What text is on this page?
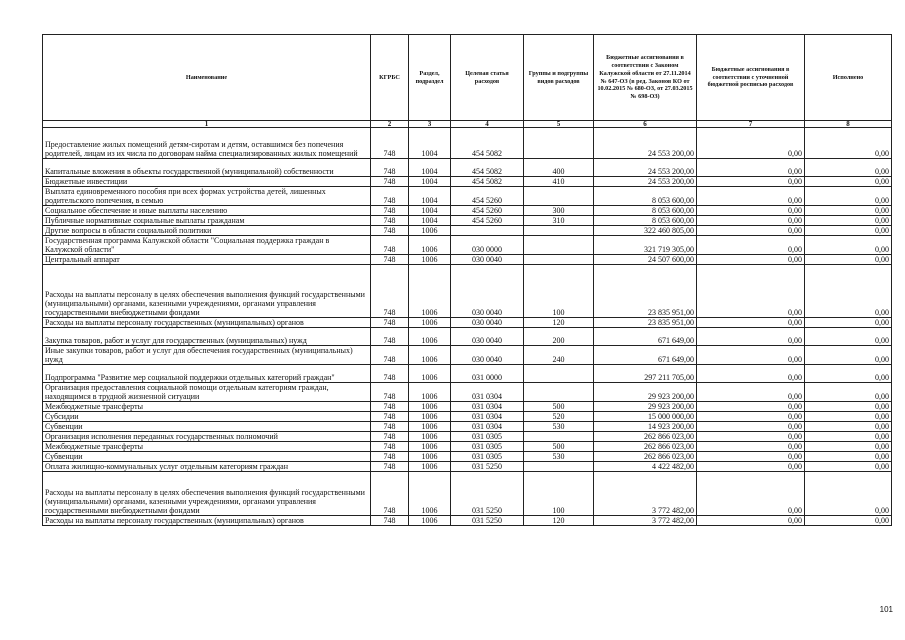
Наименование	КГРБС	Раздел, подраздел	Целевая статья расходов	Группы и подгруппы видов расходов	Бюджетные ассигнования в соответствии с Законом Калужской области от 27.11.2014 № 647-ОЗ (в ред. Законов КО от 10.02.2015 № 680-ОЗ, от 27.03.2015 № 698-ОЗ)	Бюджетные ассигнования в соответствии с уточненной бюджетной росписью расходов	Исполнено
1	2	3	4	5	6	7	8
Предоставление жилых помещений детям-сиротам и детям, оставшимся без попечения родителей, лицам из их числа по договорам найма специализированных жилых помещений	748	1004	454 5082		24 553 200,00	0,00	0,00
Капитальные вложения в объекты государственной (муниципальной) собственности	748	1004	454 5082	400	24 553 200,00	0,00	0,00
Бюджетные инвестиции	748	1004	454 5082	410	24 553 200,00	0,00	0,00
Выплата единовременного пособия при всех формах устройства детей, лишенных родительского попечения, в семью	748	1004	454 5260		8 053 600,00	0,00	0,00
Социальное обеспечение и иные выплаты населению	748	1004	454 5260	300	8 053 600,00	0,00	0,00
Публичные нормативные социальные выплаты гражданам	748	1004	454 5260	310	8 053 600,00	0,00	0,00
Другие вопросы в области социальной политики	748	1006			322 460 805,00	0,00	0,00
Государственная программа Калужской области "Социальная поддержка граждан в Калужской области"	748	1006	030 0000		321 719 305,00	0,00	0,00
Центральный аппарат	748	1006	030 0040		24 507 600,00	0,00	0,00
Расходы на выплаты персоналу в целях обеспечения выполнения функций государственными (муниципальными) органами, казенными учреждениями, органами управления государственными внебюджетными фондами	748	1006	030 0040	100	23 835 951,00	0,00	0,00
Расходы на выплаты персоналу государственных (муниципальных) органов	748	1006	030 0040	120	23 835 951,00	0,00	0,00
Закупка товаров, работ и услуг для государственных (муниципальных) нужд	748	1006	030 0040	200	671 649,00	0,00	0,00
Иные закупки товаров, работ и услуг для обеспечения государственных (муниципальных) нужд	748	1006	030 0040	240	671 649,00	0,00	0,00
Подпрограмма "Развитие мер социальной поддержки отдельных категорий граждан"	748	1006	031 0000		297 211 705,00	0,00	0,00
Организация предоставления социальной помощи отдельным категориям граждан, находящимся в трудной жизненной ситуации	748	1006	031 0304		29 923 200,00	0,00	0,00
Межбюджетные трансферты	748	1006	031 0304	500	29 923 200,00	0,00	0,00
Субсидии	748	1006	031 0304	520	15 000 000,00	0,00	0,00
Субвенции	748	1006	031 0304	530	14 923 200,00	0,00	0,00
Организация исполнения переданных государственных полномочий	748	1006	031 0305		262 866 023,00	0,00	0,00
Межбюджетные трансферты	748	1006	031 0305	500	262 866 023,00	0,00	0,00
Субвенции	748	1006	031 0305	530	262 866 023,00	0,00	0,00
Оплата жилищно-коммунальных услуг отдельным категориям граждан	748	1006	031 5250		4 422 482,00	0,00	0,00
Расходы на выплаты персоналу в целях обеспечения выполнения функций государственными (муниципальными) органами, казенными учреждениями, органами управления государственными внебюджетными фондами	748	1006	031 5250	100	3 772 482,00	0,00	0,00
Расходы на выплаты персоналу государственных (муниципальных) органов	748	1006	031 5250	120	3 772 482,00	0,00	0,00
101
